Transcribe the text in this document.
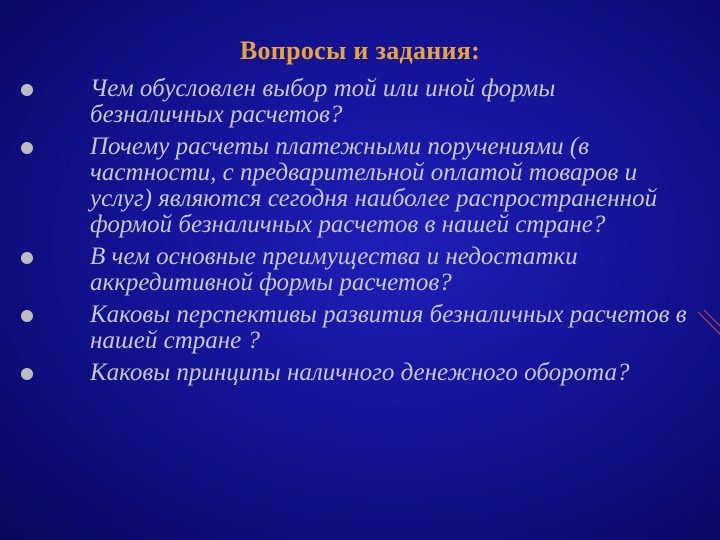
Вопросы и задания:
Чем обусловлен выбор той или иной формы безналичных расчетов?
Почему расчеты платежными поручениями (в частности, с предварительной оплатой товаров и услуг) являются сегодня наиболее распространенной формой безналичных расчетов в нашей стране?
В чем основные преимущества и недостатки аккредитивной формы расчетов?
Каковы перспективы развития безналичных расчетов в нашей стране ?
Каковы принципы наличного денежного оборота?
